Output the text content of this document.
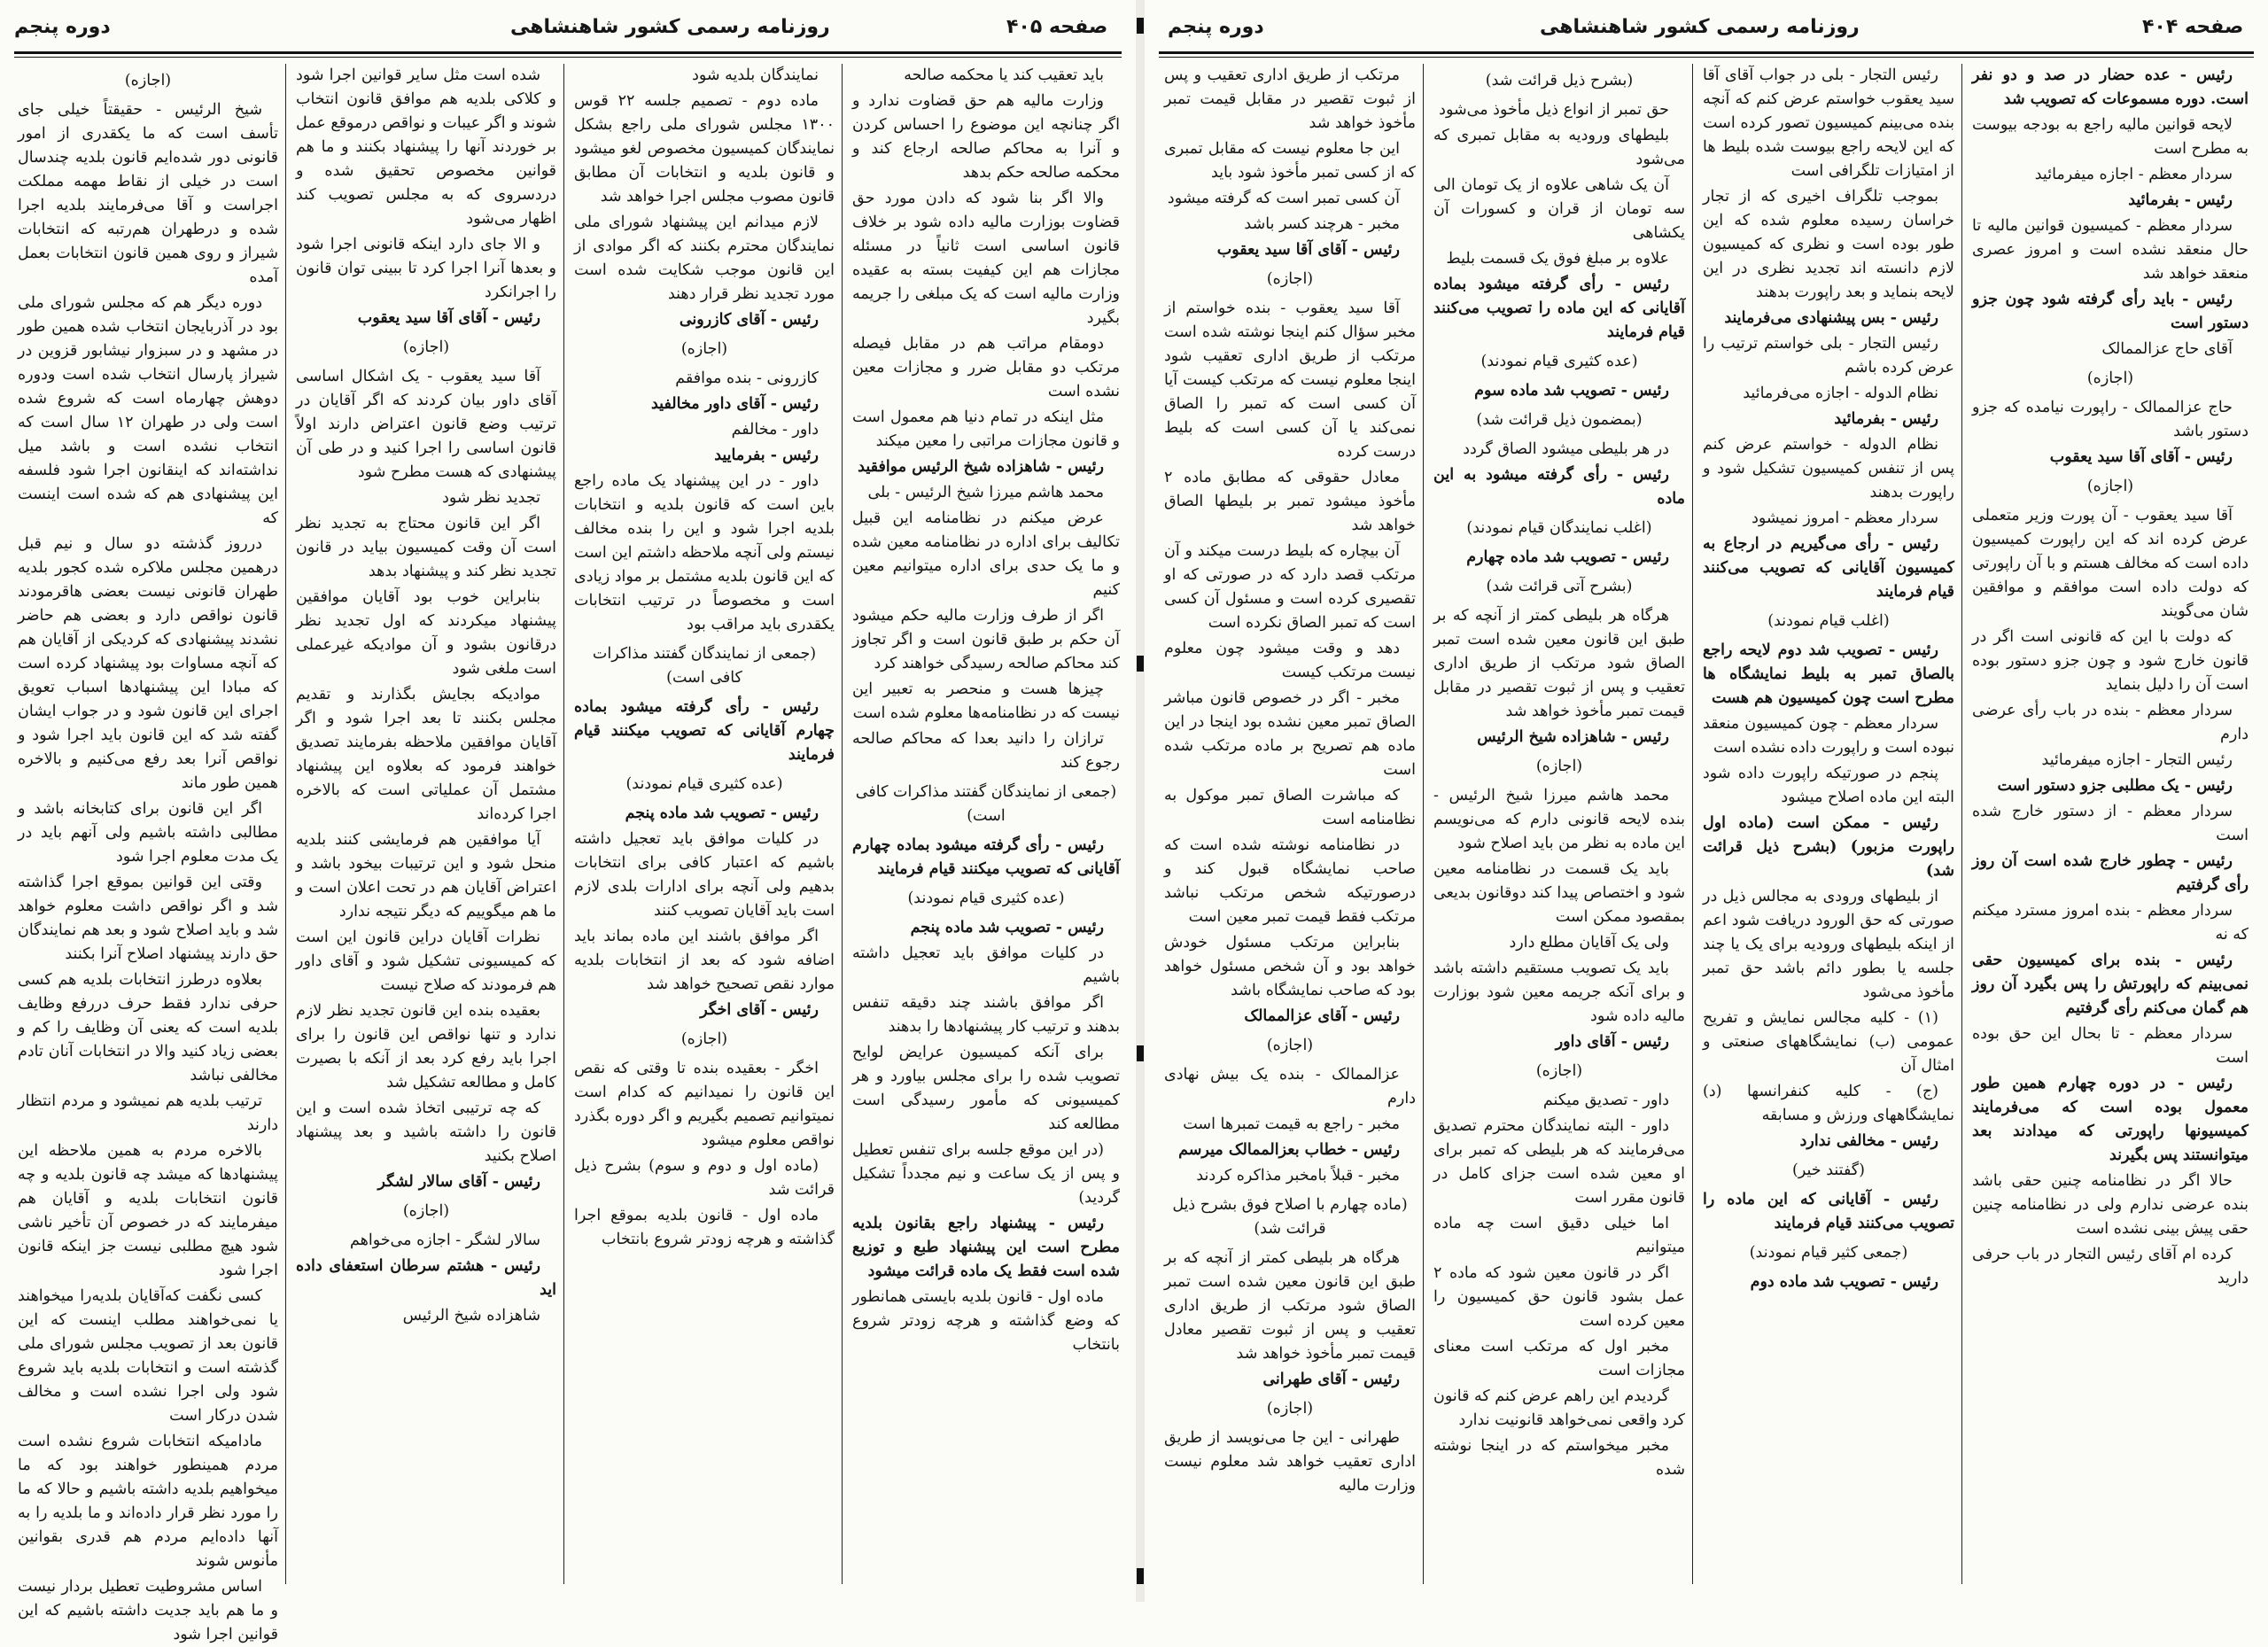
دوره پنجم	روزنامه رسمی کشور شاهنشاهی	صفحه ۴۰۵

(اجازه)

شیخ الرئیس - حقیقتاً خیلی جای تأسف است که ما یکقدری از امور قانونی دور شده‌ایم قانون بلدیه چندسال است در خیلی از نقاط مهمه مملکت اجراست و آقا می‌فرمایند بلدیه اجرا شده و درطهران هم‌رتبه که انتخابات شیراز و روی همین قانون انتخابات بعمل آمده

دوره دیگر هم که مجلس شورای ملی بود در آذربایجان انتخاب شده همین طور در مشهد و در سبزوار نیشابور قزوین در شیراز پارسال انتخاب شده است ودوره دوهش چهارماه است که شروع شده است ولی در طهران ۱۲ سال است که انتخاب نشده است و باشد میل نداشته‌اند که اینقانون اجرا شود فلسفه این پیشنهادی هم که شده است اینست که

درروز گذشته دو سال و نیم قبل درهمین مجلس ملاکره شده کجور بلدیه طهران قانونی نیست بعضی هاقرمودند قانون نواقص دارد و بعضی هم حاضر نشدند پیشنهادی که کردیکی از آقایان هم که آنچه مساوات بود پیشنهاد کرده است که مبادا این پیشنهادها اسباب تعویق اجرای این قانون شود و در جواب ایشان گفته شد که این قانون باید اجرا شود و نواقص آنرا بعد رفع می‌کنیم و بالاخره همین طور ماند

اگر این قانون برای کتابخانه باشد و مطالبی داشته باشیم ولی آنهم باید در یک مدت معلوم اجرا شود

وقتی این قوانین بموقع اجرا گذاشته شد و اگر نواقص داشت معلوم خواهد شد و باید اصلاح شود و بعد هم نمایندگان حق دارند پیشنهاد اصلاح آنرا بکنند

بعلاوه درطرز انتخابات بلدیه هم کسی حرفی ندارد فقط حرف دررفع وظایف بلدیه است که یعنی آن وظایف را کم و بعضی زیاد کنید والا در انتخابات آنان تا‌دم مخالفی نباشد

ترتیب بلدیه هم نمیشود و مردم انتظار دارند

بالاخره مردم به همین ملاحظه این پیشنهادها که میشد چه قانون بلدیه و چه قانون انتخابات بلدیه و آقایان هم میفرمایند که در خصوص آن تأخیر ناشی شود هیچ مطلبی نیست جز اینکه قانون اجرا شود

کسی نگفت که‌آقایان بلدیه‌را میخواهند یا نمی‌خواهند مطلب اینست که این قانون بعد از تصویب مجلس شورای ملی گذشته است و انتخابات بلدیه باید شروع شود ولی اجرا نشده است و مخالف شدن درکار است

مادامیکه انتخابات شروع نشده است مردم همینطور خواهند بود که ما میخواهیم بلدیه داشته باشیم و حالا که ما را مورد نظر قرار داده‌اند و ما بلدیه را به آنها داده‌ایم مردم هم قدری بقوانین مأنوس شوند

اساس مشروطیت تعطیل بردار نیست و ما هم باید جدیت داشته باشیم که این قوانین اجرا شود

شده است مثل سایر قوانین اجرا شود و کلاکی بلدیه هم موافق قانون انتخاب شوند و اگر عیبات و نواقص درموقع عمل بر خوردند آنها را پیشنهاد بکنند و ما هم قوانین مخصوص تحقیق شده و درد‌سروی که به مجلس تصویب کند اظهار می‌شود

و الا جای دارد اینکه قانونی اجرا شود و بعدها آنرا اجرا کرد تا ببینی توان قانون را اجرانکرد

رئیس - آقای آقا سید یعقوب

(اجازه)

آقا سید یعقوب - یک اشکال اساسی آقای داور بیان کردند که اگر آقایان در ترتیب وضع قانون اعتراض دارند اولاً قانون اساسی را اجرا کنید و در طی آن پیشنهادی که هست مطرح شود

تجدید نظر شود

اگر این قانون محتاج به تجدید نظر است آن وقت کمیسیون بیاید در قانون تجدید نظر کند و پیشنهاد بدهد

بنابراین خوب بود آقایان موافقین پیشنهاد میکردند که اول تجدید نظر درقانون بشود و آن موادیکه غیرعملی است ملغی شود

موادیکه بجایش بگذارند و تقدیم مجلس بکنند تا بعد اجرا شود و اگر آقایان موافقین ملاحظه بفرمایند تصدیق خواهند فرمود که بعلاوه این پیشنهاد مشتمل آن عملیاتی است که بالاخره اجرا کرده‌اند

آیا موافقین هم فرمایشی کنند بلدیه منحل شود و این ترتیبات بیخود باشد و اعتراض آقایان هم در تحت اعلان است و ما هم میگوییم که دیگر نتیجه ندارد

نظرات آقایان دراین قانون این است که کمیسیونی تشکیل شود و آقای داور هم فرمودند که صلاح نیست

بعقیده بنده این قانون تجدید نظر لازم ندارد و تنها نواقص این قانون را برای اجرا باید رفع کرد بعد از آنکه با بصیرت کامل و مطالعه تشکیل شد

که چه ترتیبی اتخاذ شده است و این قانون را داشته باشید و بعد پیشنهاد اصلاح بکنید

رئیس - آقای سالار لشگر

(اجازه)

سالار لشگر - اجازه می‌خواهم

رئیس - هشتم سرطان استعفای داده اید

شاهزاده شیخ الرئیس

نمایندگان بلدیه شود

ماده دوم - تصمیم جلسه ۲۲ قوس ۱۳۰۰ مجلس شورای ملی راجع بشکل نمایندگان کمیسیون مخصوص لغو میشود و قانون بلدیه و انتخابات آن مطابق قانون مصوب مجلس اجرا خواهد شد

لازم میدانم این پیشنهاد شورای ملی نمایندگان محترم بکنند که اگر موادی از این قانون موجب شکایت شده است مورد تجدید نظر قرار دهند

رئیس - آقای کازرونی

(اجازه)

کازرونی - بنده موافقم

رئیس - آقای داور مخالفید

داور - مخالفم

رئیس - بفرمایید

داور - در این پیشنهاد یک ماده راجع باین است که قانون بلدیه و انتخابات بلدیه اجرا شود و این را بنده مخالف نیستم ولی آنچه ملاحظه داشتم این است که این قانون بلدیه مشتمل بر مواد زیادی است و مخصوصاً در ترتیب انتخابات یکقدری باید مراقب بود

(جمعی از نمایندگان گفتند مذاکرات کافی است)

رئیس - رأی گرفته میشود بماده چهارم آقایانی که تصویب میکنند قیام فرمایند

(عده کثیری قیام نمودند)

رئیس - تصویب شد ماده پنجم

در کلیات موافق باید تعجیل داشته باشیم که اعتبار کافی برای انتخابات بدهیم ولی آنچه برای ادارات بلدی لازم است باید آقایان تصویب کنند

اگر موافق باشند این ماده بماند باید اضافه شود که بعد از انتخابات بلدیه موارد نقص تصحیح خواهد شد

رئیس - آقای اخگر

(اجازه)

اخگر - بعقیده بنده تا وقتی که نقص این قانون را نمیدانیم که کدام است نمیتوانیم تصمیم بگیریم و اگر دوره بگذرد نواقص معلوم میشود

(ماده اول و دوم و سوم) بشرح ذیل قرائت شد

ماده اول - قانون بلدیه بموقع اجرا گذاشته و هرچه زودتر شروع بانتخاب

باید تعقیب کند یا محکمه صالحه

وزارت مالیه هم حق قضاوت ندارد و اگر چنانچه این موضوع را احساس کردن و آنرا به محاکم صالحه ارجاع کند و محکمه صالحه حکم بدهد

والا اگر بنا شود که دادن مورد حق قضاوت بوزارت مالیه داده شود بر خلاف قانون اساسی است ثانیاً در مسئله مجازات هم این کیفیت بسته به عقیده وزارت مالیه است که یک مبلغی را جریمه بگیرد

دومقام مراتب هم در مقابل فیصله مرتکب دو مقابل ضرر و مجازات معین نشده است

مثل اینکه در تمام دنیا هم معمول است و قانون مجازات مراتبی را معین میکند

رئیس - شاهزاده شیخ الرئیس موافقید

محمد هاشم میرزا شیخ الرئیس - بلی

عرض میکنم در نظامنامه این قبیل تکالیف برای اداره در نظامنامه معین شده و ما یک حدی برای اداره میتوانیم معین کنیم

اگر از طرف وزارت مالیه حکم میشود آن حکم بر طبق قانون است و اگر تجاوز کند محاکم صالحه رسیدگی خواهند کرد

چیزها هست و منحصر به تعبیر این نیست که در نظامنامه‌ها معلوم شده است

ترازان را دانید بعدا که محاکم صالحه رجوع کند

(جمعی از نمایندگان گفتند مذاکرات کافی است)

رئیس - رأی گرفته میشود بماده چهارم آقایانی که تصویب میکنند قیام فرمایند

(عده کثیری قیام نمودند)

رئیس - تصویب شد ماده پنجم

در کلیات موافق باید تعجیل داشته باشیم

اگر موافق باشند چند دقیقه تنفس بدهند و ترتیب کار پیشنهادها را بدهند

برای آنکه کمیسیون عرایض لوایح تصویب شده را برای مجلس بیاورد و هر کمیسیونی که مأمور رسیدگی است مطالعه کند

(در این موقع جلسه برای تنفس تعطیل و پس از یک ساعت و نیم مجدداً تشکیل گردید)

رئیس - پیشنهاد راجع بقانون بلدیه مطرح است این پیشنهاد طبع و توزیع شده است فقط یک ماده قرائت میشود

ماده اول - قانون بلدیه بایستی همانطور که وضع گذاشته و هرچه زودتر شروع بانتخاب

دوره پنجم	روزنامه رسمی کشور شاهنشاهی	صفحه ۴۰۴

مرتکب از طریق اداری تعقیب و پس از ثبوت تقصیر در مقابل قیمت تمبر مأخوذ خواهد شد

این جا معلوم نیست که مقابل تمبری که از کسی تمبر مأخوذ شود باید

آن کسی تمبر است که گرفته میشود

مخبر - هرچند کسر باشد

رئیس - آقای آقا سید یعقوب

(اجازه)

آقا سید یعقوب - بنده خواستم از مخبر سؤال کنم اینجا نوشته شده است مرتکب از طریق اداری تعقیب شود اینجا معلوم نیست که مرتکب کیست آیا آن کسی است که تمبر را الصاق نمی‌کند یا آن کسی است که بلیط درست کرده

معادل حقوقی که مطابق ماده ۲ مأخوذ میشود تمبر بر بلیطها الصاق خواهد شد

آن بیچاره که بلیط درست میکند و آن مرتکب قصد دارد که در صورتی که او تقصیری کرده است و مسئول آن کسی است که تمبر الصاق نکرده است

دهد و وقت میشود چون معلوم نیست مرتکب کیست

مخبر - اگر در خصوص قانون مباشر الصاق تمبر معین نشده بود اینجا در این ماده هم تصریح بر ماده مرتکب شده است

که مباشرت الصاق تمبر موکول به نظامنامه است

در نظامنامه نوشته شده است که صاحب نمایشگاه قبول کند و درصورتیکه شخص مرتکب نباشد مرتکب فقط قیمت تمبر معین است

بنابراین مرتکب مسئول خودش خواهد بود و آن شخص مسئول خواهد بود که صاحب نمایشگاه باشد

رئیس - آقای عزالممالک

(اجازه)

عزالممالک - بنده یک بیش نهادی دارم

مخبر - راجع به قیمت تمبرها است

رئیس - خطاب بعزالممالک میرسم

مخبر - قبلاً بامخبر مذاکره کردند

(ماده چهارم با اصلاح فوق بشرح ذیل قرائت شد)

هرگاه هر بلیطی کمتر از آنچه که بر طبق این قانون معین شده است تمبر الصاق شود مرتکب از طریق اداری تعقیب و پس از ثبوت تقصیر معادل قیمت تمبر مأخوذ خواهد شد

رئیس - آقای طهرانی

(اجازه)

طهرانی - این جا می‌نویسد از طریق اداری تعقیب خواهد شد معلوم نیست وزارت مالیه

(بشرح ذیل قرائت شد)

حق تمبر از انواع ذیل مأخوذ می‌شود

بلیطهای ورودیه به مقابل تمبری که می‌شود

آن یک شاهی علاوه از یک تومان الی سه تومان از قران و کسورات آن یکشاهی

علاوه بر مبلغ فوق یک قسمت بلیط

رئیس - رأی گرفته میشود بماده آقایانی که این ماده را تصویب می‌کنند قیام فرمایند

(عده کثیری قیام نمودند)

رئیس - تصویب شد ماده سوم

(بمضمون ذیل قرائت شد)

در هر بلیطی میشود الصاق گردد

رئیس - رأی گرفته میشود به این ماده

(اغلب نمایندگان قیام نمودند)

رئیس - تصویب شد ماده چهارم

(بشرح آتی قرائت شد)

هرگاه هر بلیطی کمتر از آنچه که بر طبق این قانون معین شده است تمبر الصاق شود مرتکب از طریق اداری تعقیب و پس از ثبوت تقصیر در مقابل قیمت تمبر مأخوذ خواهد شد

رئیس - شاهزاده شیخ الرئیس

(اجازه)

محمد هاشم میرزا شیخ الرئیس - بنده لایحه قانونی دارم که می‌نویسم این ماده به نظر من باید اصلاح شود

باید یک قسمت در نظامنامه معین شود و اختصاص پیدا کند دوقانون بدیعی بمقصود ممکن است

ولی یک آقایان مطلع دارد

باید یک تصویب مستقیم داشته باشد و برای آنکه جریمه معین شود بوزارت مالیه داده شود

رئیس - آقای داور

(اجازه)

داور - تصدیق میکنم

داور - البته نمایندگان محترم تصدیق می‌فرمایند که هر بلیطی که تمبر برای او معین شده است جزای کامل در قانون مقرر است

اما خیلی دقیق است چه ماده میتوانیم

اگر در قانون معین شود که ماده ۲ عمل بشود قانون حق کمیسیون را معین کرده است

مخبر اول که مرتکب است معنای مجازات است

گردیدم این راهم عرض کنم که قانون کرد واقعی نمی‌خواهد قانونیت ندارد

مخبر میخواستم که در اینجا نوشته شده

رئیس التجار - بلی در جواب آقای آقا سید یعقوب خواستم عرض کنم که آنچه بنده می‌بینم کمیسیون تصور کرده است که این لایحه راجع بیوست شده بلیط ها از امتیازات تلگرافی است

بموجب تلگراف اخیری که از تجار خراسان رسیده معلوم شده که این طور بوده است و نظری که کمیسیون لازم دانسته اند تجدید نظری در این لایحه بنماید و بعد راپورت بدهند

رئیس - بس پیشنهادی می‌فرمایند

رئیس التجار - بلی خواستم ترتیب را عرض کرده باشم

نظام الدوله - اجازه می‌فرمائید

رئیس - بفرمائید

نظام الدوله - خواستم عرض کنم پس از تنفس کمیسیون تشکیل شود و راپورت بدهند

سردار معظم - امروز نمیشود

رئیس - رأی می‌گیریم در ارجاع به کمیسیون آقایانی که تصویب می‌کنند قیام فرمایند

(اغلب قیام نمودند)

رئیس - تصویب شد دوم لایحه راجع بالصاق تمبر به بلیط نمایشگاه ها مطرح است چون کمیسیون هم هست

سردار معظم - چون کمیسیون منعقد نبوده است و راپورت داده نشده است

پنجم در صورتیکه راپورت داده شود البته این ماده اصلاح میشود

رئیس - ممکن است (ماده اول راپورت مزبور) (بشرح ذیل قرائت شد)

از بلیطهای ورودی به مجالس ذیل در صورتی که حق الورود دریافت شود اعم از اینکه بلیطهای ورودیه برای یک یا چند جلسه یا بطور دائم باشد حق تمبر مأخوذ می‌شود

(۱) - کلیه مجالس نمایش و تفریح عمومی (ب) نمایشگاههای صنعتی و امثال آن

(ج) - کلیه کنفرانسها (د) نمایشگاههای ورزش و مسابقه

رئیس - مخالفی ندارد

(گفتند خیر)

رئیس - آقایانی که این ماده را تصویب می‌کنند قیام فرمایند

(جمعی کثیر قیام نمودند)

رئیس - تصویب شد ماده دوم

رئیس - عده حضار در صد و دو نفر است. دوره مسموعات که تصویب شد

لایحه قوانین مالیه راجع به بودجه بیوست به مطرح است

سردار معظم - اجازه میفرمائید

رئیس - بفرمائید

سردار معظم - کمیسیون قوانین مالیه تا حال منعقد نشده است و امروز عصری منعقد خواهد شد

رئیس - باید رأی گرفته شود چون جزو دستور است

آقای حاج عزالممالک

(اجازه)

حاج عزالممالک - راپورت نیامده که جزو دستور باشد

رئیس - آقای آقا سید یعقوب

(اجازه)

آقا سید یعقوب - آن پورت وزیر متعملی عرض کرده اند که این راپورت کمیسیون داده است که مخالف هستم و با آن راپورتی که دولت داده است موافقم و موافقین شان می‌گویند

که دولت با این که قانونی است اگر در قانون خارج شود و چون جزو دستور بوده است آن را دلیل بنماید

سردار معظم - بنده در باب رأی عرضی دارم

رئیس التجار - اجازه میفرمائید

رئیس - یک مطلبی جزو دستور است

سردار معظم - از دستور خارج شده است

رئیس - چطور خارج شده است آن روز رأی گرفتیم

سردار معظم - بنده امروز مسترد میکنم که نه

رئیس - بنده برای کمیسیون حقی نمی‌بینم که راپورتش را پس بگیرد آن روز هم گمان می‌کنم رأی گرفتیم

سردار معظم - تا‌ بحال این حق بوده است

رئیس - در دوره چهارم همین طور معمول بوده است که می‌فرمایند کمیسیونها راپورتی که میدادند بعد میتوانستند پس بگیرند

حالا اگر در نظامنامه چنین حقی باشد بنده عرضی ندارم ولی در نظامنامه چنین حقی پیش بینی نشده است

کرده ام آقای رئیس التجار در باب حرفی دارید
